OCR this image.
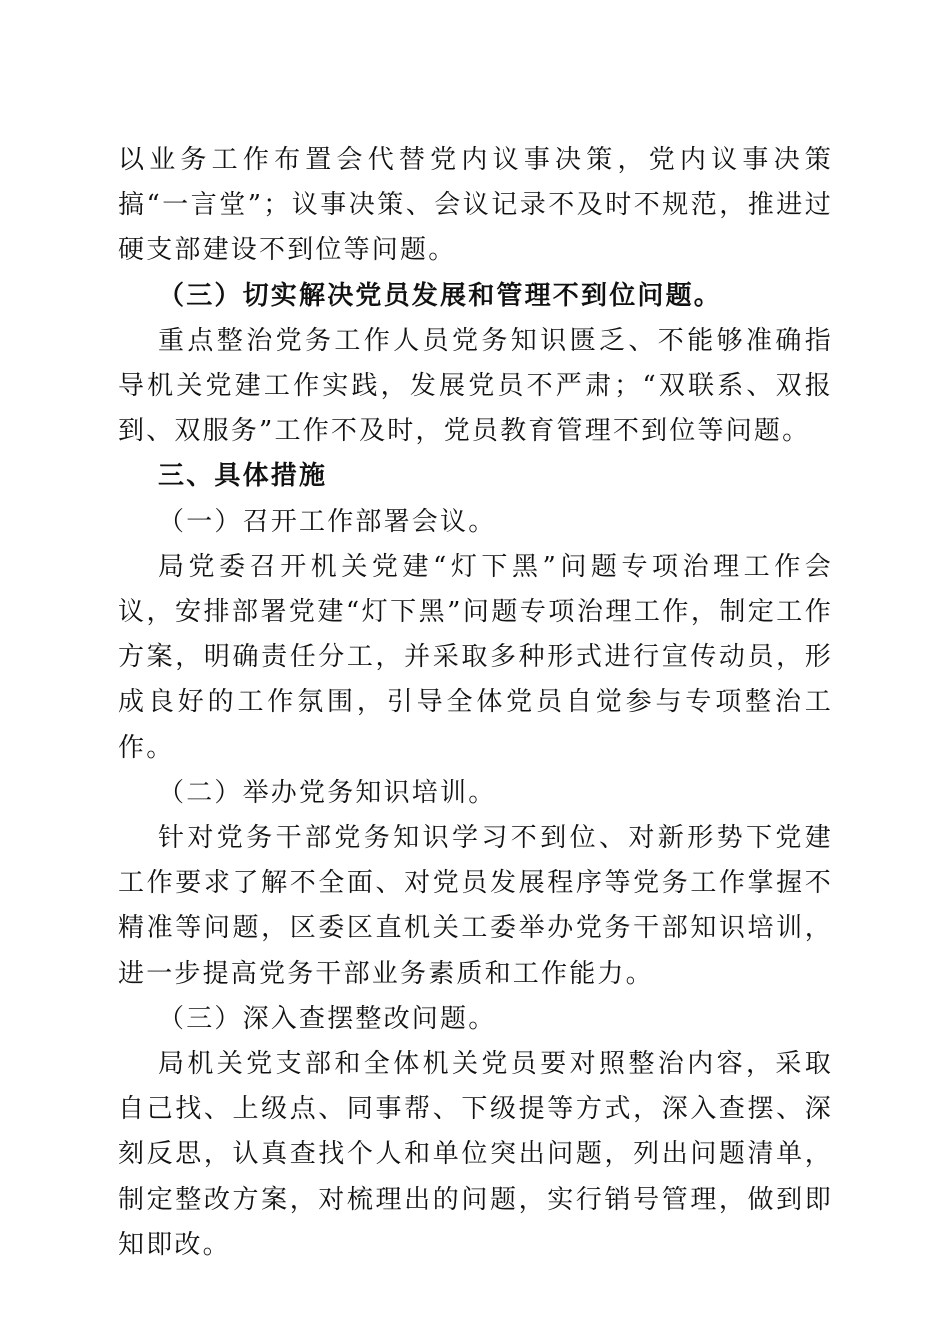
以业务工作布置会代替党内议事决策，党内议事决策搞“一言堂”；议事决策、会议记录不及时不规范，推进过硬支部建设不到位等问题。

（三）切实解决党员发展和管理不到位问题。

重点整治党务工作人员党务知识匮乏、不能够准确指导机关党建工作实践，发展党员不严肃；“双联系、双报到、双服务”工作不及时，党员教育管理不到位等问题。

三、具体措施

（一）召开工作部署会议。

局党委召开机关党建“灯下黑”问题专项治理工作会议，安排部署党建“灯下黑”问题专项治理工作，制定工作方案，明确责任分工，并采取多种形式进行宣传动员，形成良好的工作氛围，引导全体党员自觉参与专项整治工作。

（二）举办党务知识培训。

针对党务干部党务知识学习不到位、对新形势下党建工作要求了解不全面、对党员发展程序等党务工作掌握不精准等问题，区委区直机关工委举办党务干部知识培训，进一步提高党务干部业务素质和工作能力。

（三）深入查摆整改问题。

局机关党支部和全体机关党员要对照整治内容，采取自己找、上级点、同事帮、下级提等方式，深入查摆、深刻反思，认真查找个人和单位突出问题，列出问题清单，制定整改方案，对梳理出的问题，实行销号管理，做到即知即改。
